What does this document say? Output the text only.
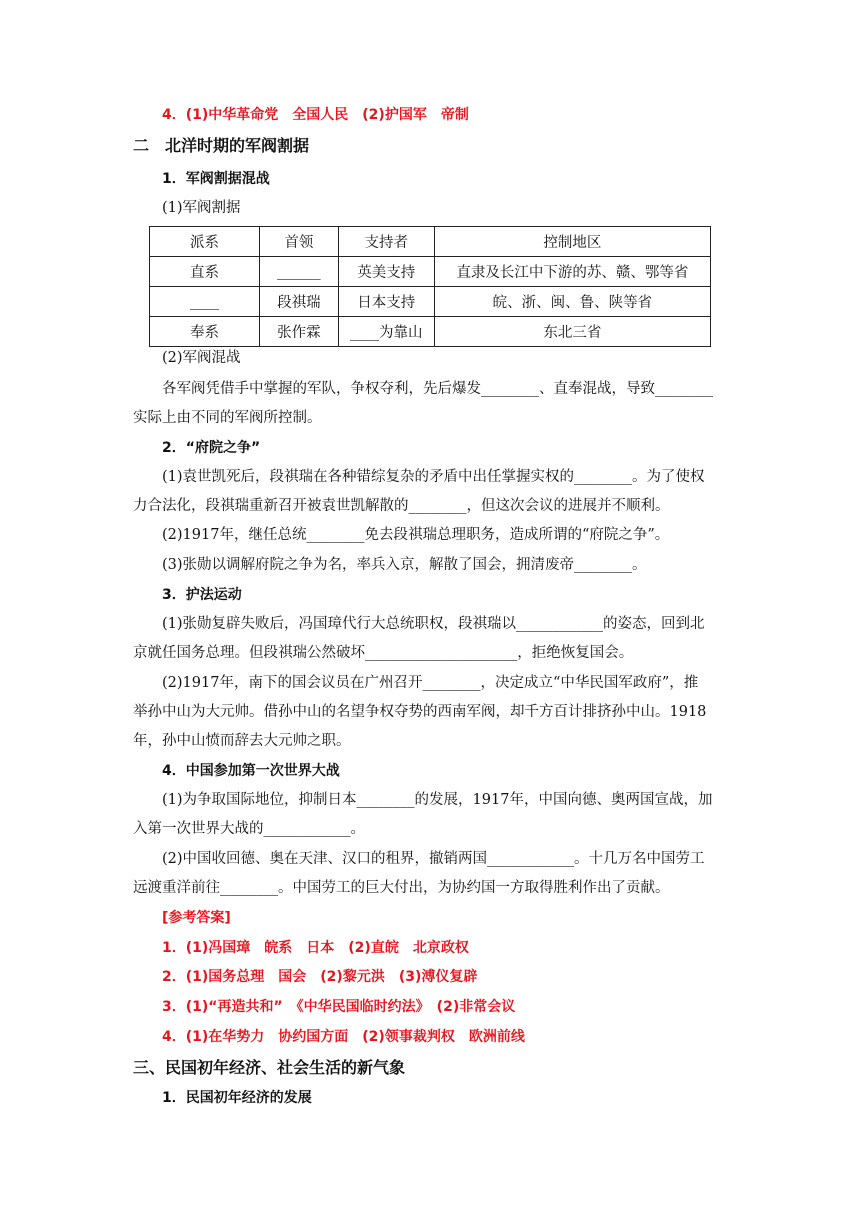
4．(1)中华革命党　全国人民　(2)护国军　帝制
二　北洋时期的军阀割据
1．军阀割据混战
(1)军阀割据
派系	首领	支持者	控制地区
直系	______	英美支持	直隶及长江中下游的苏、赣、鄂等省
____	段祺瑞	日本支持	皖、浙、闽、鲁、陕等省
奉系	张作霖	____为靠山	东北三省
(2)军阀混战
各军阀凭借手中掌握的军队，争权夺利，先后爆发________、直奉混战，导致________
实际上由不同的军阀所控制。
2．“府院之争”
(1)袁世凯死后，段祺瑞在各种错综复杂的矛盾中出任掌握实权的________。为了使权
力合法化，段祺瑞重新召开被袁世凯解散的________，但这次会议的进展并不顺利。
(2)1917年，继任总统________免去段祺瑞总理职务，造成所谓的“府院之争”。
(3)张勋以调解府院之争为名，率兵入京，解散了国会，拥清废帝________。
3．护法运动
(1)张勋复辟失败后，冯国璋代行大总统职权，段祺瑞以____________的姿态，回到北
京就任国务总理。但段祺瑞公然破坏_____________________，拒绝恢复国会。
(2)1917年，南下的国会议员在广州召开________，决定成立“中华民国军政府”，推
举孙中山为大元帅。借孙中山的名望争权夺势的西南军阀，却千方百计排挤孙中山。1918
年，孙中山愤而辞去大元帅之职。
4．中国参加第一次世界大战
(1)为争取国际地位，抑制日本________的发展，1917年，中国向德、奥两国宣战，加
入第一次世界大战的____________。
(2)中国收回德、奥在天津、汉口的租界，撤销两国____________。十几万名中国劳工
远渡重洋前往________。中国劳工的巨大付出，为协约国一方取得胜利作出了贡献。
[参考答案]
1．(1)冯国璋　皖系　日本　(2)直皖　北京政权
2．(1)国务总理　国会　(2)黎元洪　(3)溥仪复辟
3．(1)“再造共和”　《中华民国临时约法》　(2)非常会议
4．(1)在华势力　协约国方面　(2)领事裁判权　欧洲前线
三、民国初年经济、社会生活的新气象
1．民国初年经济的发展
